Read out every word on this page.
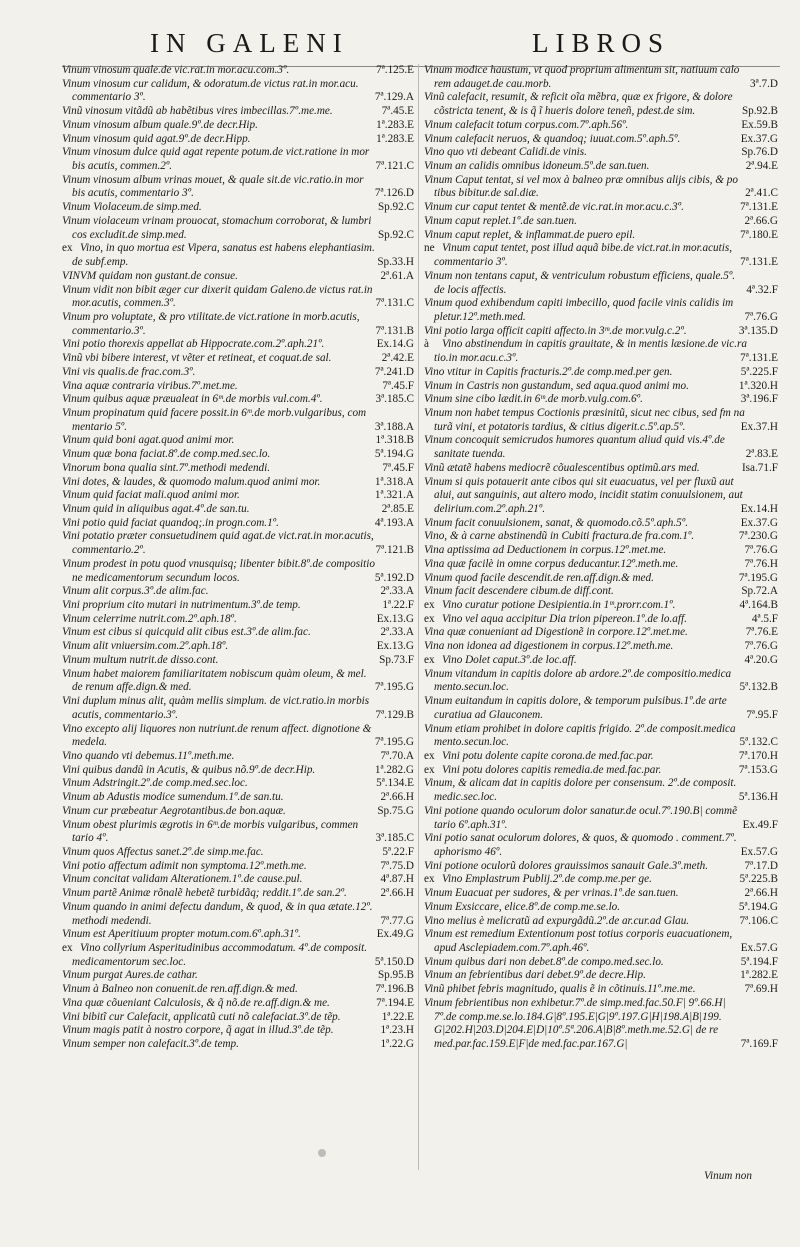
IN GALENI	LIBROS
7ª.125.E
Vinum vinosum quale.de vic.rat.in mor.acu.com.3º.
Vinum vinosum cur calidum, & odoratum.de victus rat.in mor.acu.
7ª.129.A
commentario 3º.
7ª.45.E
Vinũ vinosum vitãdũ ab habẽtibus vires imbecillas.7º.me.me.
1ª.283.E
Vinum vinosum album quale.9º.de decr.Hip.
1ª.283.E
Vinum vinosum quid agat.9º.de decr.Hipp.
Vinum vinosum dulce quid agat repente potum.de vict.ratione in mor
7ª.121.C
bis acutis, commen.2º.
Vinum vinosum album vrinas mouet, & quale sit.de vic.ratio.in mor
7ª.126.D
bis acutis, commentario 3º.
Sp.92.C
Vinum Violaceum.de simp.med.
Vinum violaceum vrinam prouocat, stomachum corroborat, & lumbri
Sp.92.C
cos excludit.de simp.med.
ex Vino, in quo mortua est Vipera, sanatus est habens elephantiasim.
Sp.33.H
de subf.emp.
2ª.61.A
VINVM quidam non gustant.de consue.
Vinum vidit non bibit æger cur dixerit quidam Galeno.de victus rat.in
7ª.131.C
mor.acutis, commen.3º.
Vinum pro voluptate, & pro vtilitate.de vict.ratione in morb.acutis,
7ª.131.B
commentario.3º.
Ex.14.G
Vini potio thorexis appellat ab Hippocrate.com.2º.aph.21º.
2ª.42.E
Vinũ vbi bibere interest, vt vẽter et retineat, et coquat.de sal.
7ª.241.D
Vini vis qualis.de frac.com.3º.
7ª.45.F
Vina aquæ contraria viribus.7º.met.me.
3ª.185.C
Vinum quibus aquæ præualeat in 6ᵐ.de morbis vul.com.4º.
Vinum propinatum quid facere possit.in 6ᵐ.de morb.vulgaribus, com
3ª.188.A
mentario 5º.
1ª.318.B
Vinum quid boni agat.quod animi mor.
5ª.194.G
Vinum quæ bona faciat.8º.de comp.med.sec.lo.
7ª.45.F
Vinorum bona qualia sint.7º.methodi medendi.
1ª.318.A
Vini dotes, & laudes, & quomodo malum.quod animi mor.
1ª.321.A
Vinum quid faciat mali.quod animi mor.
2ª.85.E
Vinum quid in aliquibus agat.4º.de san.tu.
4ª.193.A
Vini potio quid faciat quandoq;.in progn.com.1º.
Vini potatio præter consuetudinem quid agat.de vict.rat.in mor.acutis,
7ª.121.B
commentario.2º.
Vinum prodest in potu quod vnusquisq; libenter bibit.8º.de compositio
5ª.192.D
ne medicamentorum secundum locos.
2ª.33.A
Vinum alit corpus.3º.de alim.fac.
1ª.22.F
Vini proprium cito mutari in nutrimentum.3º.de temp.
Ex.13.G
Vinum celerrime nutrit.com.2º.aph.18º.
2ª.33.A
Vinum est cibus si quicquid alit cibus est.3º.de alim.fac.
Ex.13.G
Vinum alit vniuersim.com.2º.aph.18º.
Sp.73.F
Vinum multum nutrit.de disso.cont.
Vinum habet maiorem familiaritatem nobiscum quàm oleum, & mel.
7ª.195.G
de renum affe.dign.& med.
Vini duplum minus alit, quàm mellis simplum. de vict.ratio.in morbis
7ª.129.B
acutis, commentario.3º.
Vino excepto alij liquores non nutriunt.de renum affect. dignotione &
7ª.195.G
medela.
7ª.70.A
Vino quando vti debemus.11º.meth.me.
1ª.282.G
Vini quibus dandũ in Acutis, & quibus nõ.9º.de decr.Hip.
5ª.134.E
Vinum Adstringit.2º.de comp.med.sec.loc.
2ª.66.H
Vinum ab Adustis modice sumendum.1º.de san.tu.
Sp.75.G
Vinum cur præbeatur Aegrotantibus.de bon.aquæ.
Vinum obest plurimis ægrotis in 6ᵐ.de morbis vulgaribus, commen
3ª.185.C
tario 4º.
5ª.22.F
Vinum quos Affectus sanet.2º.de simp.me.fac.
7ª.75.D
Vini potio affectum adimit non symptoma.12º.meth.me.
4ª.87.H
Vinum concitat validam Alterationem.1º.de cause.pul.
2ª.66.H
Vinum partẽ Animæ rõnalẽ hebetẽ turbidãq; reddit.1º.de san.2º.
Vinum quando in animi defectu dandum, & quod, & in qua ætate.12º.
7ª.77.G
methodi medendi.
Ex.49.G
Vinum est Aperitiuum propter motum.com.6º.aph.31º.
ex Vino collyrium Asperitudinibus accommodatum. 4º.de composit.
5ª.150.D
medicamentorum sec.loc.
Sp.95.B
Vinum purgat Aures.de cathar.
7ª.196.B
Vinum à Balneo non conuenit.de ren.aff.dign.& med.
7ª.194.E
Vina quæ cõueniant Calculosis, & q̃ nõ.de re.aff.dign.& me.
1ª.22.E
Vini bibitĩ cur Calefacit, applicatũ cuti nõ calefaciat.3º.de tẽp.
1ª.23.H
Vinum magis patit à nostro corpore, q̃ agat in illud.3º.de tẽp.
1ª.22.G
Vinum semper non calefacit.3º.de temp.
Vinum modice haustum, vt quod proprium alimentum sit, natiuum calo
3ª.7.D
rem adauget.de cau.morb.
Vinũ calefacit, resumit, & reficit oĩa mẽbra, quæ ex frigore, & dolore
Sp.92.B
cõstricta tenent, & is q̃ ĩ hueris dolore teneñ, pdest.de sim.
Ex.59.B
Vinum calefacit totum corpus.com.7º.aph.56º.
Ex.37.G
Vinum calefacit neruos, & quandoq; iuuat.com.5º.aph.5º.
Sp.76.D
Vino quo vti debeant Calidi.de vinis.
2ª.94.E
Vinum an calidis omnibus idoneum.5º.de san.tuen.
Vinum Caput tentat, si vel mox à balneo præ omnibus alijs cibis, & po
2ª.41.C
tibus bibitur.de sal.diæ.
7ª.131.E
Vinum cur caput tentet & mentẽ.de vic.rat.in mor.acu.c.3º.
2ª.66.G
Vinum caput replet.1º.de san.tuen.
7ª.180.E
Vinum caput replet, & inflammat.de puero epil.
ne Vinum caput tentet, post illud aquã bibe.de vict.rat.in mor.acutis,
7ª.131.E
commentario 3º.
Vinum non tentans caput, & ventriculum robustum efficiens, quale.5º.
4ª.32.F
de locis affectis.
Vinum quod exhibendum capiti imbecillo, quod facile vinis calidis im
7ª.76.G
pletur.12º.meth.med.
3ª.135.D
Vini potio larga officit capiti affecto.in 3ᵐ.de mor.vulg.c.2º.
à Vino abstinendum in capitis grauitate, & in mentis læsione.de vic.ra
7ª.131.E
tio.in mor.acu.c.3º.
5ª.225.F
Vino vtitur in Capitis fracturis.2º.de comp.med.per gen.
1ª.320.H
Vinum in Castris non gustandum, sed aqua.quod animi mo.
3ª.196.F
Vinum sine cibo lædit.in 6ᵐ.de morb.vulg.com.6º.
Vinum non habet tempus Coctionis præsinitũ, sicut nec cibus, sed fm na
Ex.37.H
turã vini, et potatoris tardius, & citius digerit.c.5º.ap.5º.
Vinum concoquit semicrudos humores quantum aliud quid vis.4º.de
2ª.83.E
sanitate tuenda.
Isa.71.F
Vinũ ætatẽ habens mediocrẽ cõualescentibus optimũ.ars med.
Vinum si quis potauerit ante cibos qui sit euacuatus, vel per fluxũ aut
alui, aut sanguinis, aut altero modo, incidit statim conuulsionem, aut
Ex.14.H
delirium.com.2º.aph.21º.
Ex.37.G
Vinum facit conuulsionem, sanat, & quomodo.cõ.5º.aph.5º.
7ª.230.G
Vino, & à carne abstinendũ in Cubiti fractura.de fra.com.1º.
7ª.76.G
Vina aptissima ad Deductionem in corpus.12º.met.me.
7ª.76.H
Vina quæ facilè in omne corpus deducantur.12º.meth.me.
7ª.195.G
Vinum quod facile descendit.de ren.aff.dign.& med.
Sp.72.A
Vinum facit descendere cibum.de diff.cont.
4ª.164.B
ex Vino curatur potione Desipientia.in 1ᵐ.prorr.com.1º.
4ª.5.F
ex Vino vel aqua accipitur Dia trion pipereon.1º.de lo.aff.
7ª.76.E
Vina quæ conueniant ad Digestionẽ in corpore.12º.met.me.
7ª.76.G
Vina non idonea ad digestionem in corpus.12º.meth.me.
4ª.20.G
ex Vino Dolet caput.3º.de loc.aff.
Vinum vitandum in capitis dolore ab ardore.2º.de compositio.medica
5ª.132.B
mento.secun.loc.
Vinum euitandum in capitis dolore, & temporum pulsibus.1º.de arte
7ª.95.F
curatiua ad Glauconem.
Vinum etiam prohibet in dolore capitis frigido. 2º.de composit.medica
5ª.132.C
mento.secun.loc.
7ª.170.H
ex Vini potu dolente capite corona.de med.fac.par.
7ª.153.G
ex Vini potu dolores capitis remedia.de med.fac.par.
Vinum, & alicam dat in capitis dolore per consensum. 2º.de composit.
5ª.136.H
medic.sec.loc.
Vini potione quando oculorum dolor sanatur.de ocul.7º.190.B| commẽ
Ex.49.F
tario 6º.aph.31º.
Vini potio sanat oculorum dolores, & quos, & quomodo . comment.7º.
Ex.57.G
aphorismo 46º.
7ª.17.D
Vini potione oculorũ dolores grauissimos sanauit Gale.3º.meth.
5ª.225.B
ex Vino Emplastrum Publij.2º.de comp.me.per ge.
2ª.66.H
Vinum Euacuat per sudores, & per vrinas.1º.de san.tuen.
5ª.194.G
Vinum Exsiccare, elice.8º.de comp.me.se.lo.
7ª.106.C
Vino melius è melicratũ ad expurgãdũ.2º.de ar.cur.ad Glau.
Vinum est remedium Extentionum post totius corporis euacuationem,
Ex.57.G
apud Asclepiadem.com.7º.aph.46º.
5ª.194.F
Vinum quibus dari non debet.8º.de compo.med.sec.lo.
1ª.282.E
Vinum an febrientibus dari debet.9º.de decre.Hip.
7ª.69.H
Vinũ phibet febris magnitudo, qualis ẽ in cõtinuis.11º.me.me.
Vinum febrientibus non exhibetur.7º.de simp.med.fac.50.F| 9º.66.H|
7º.de comp.me.se.lo.184.G|8º.195.E|G|9º.197.G|H|198.A|B|199.
G|202.H|203.D|204.E|D|10º.5ª.206.A|B|8º.meth.me.52.G| de re
7ª.169.F
med.par.fac.159.E|F|de med.fac.par.167.G|
Vinum non
